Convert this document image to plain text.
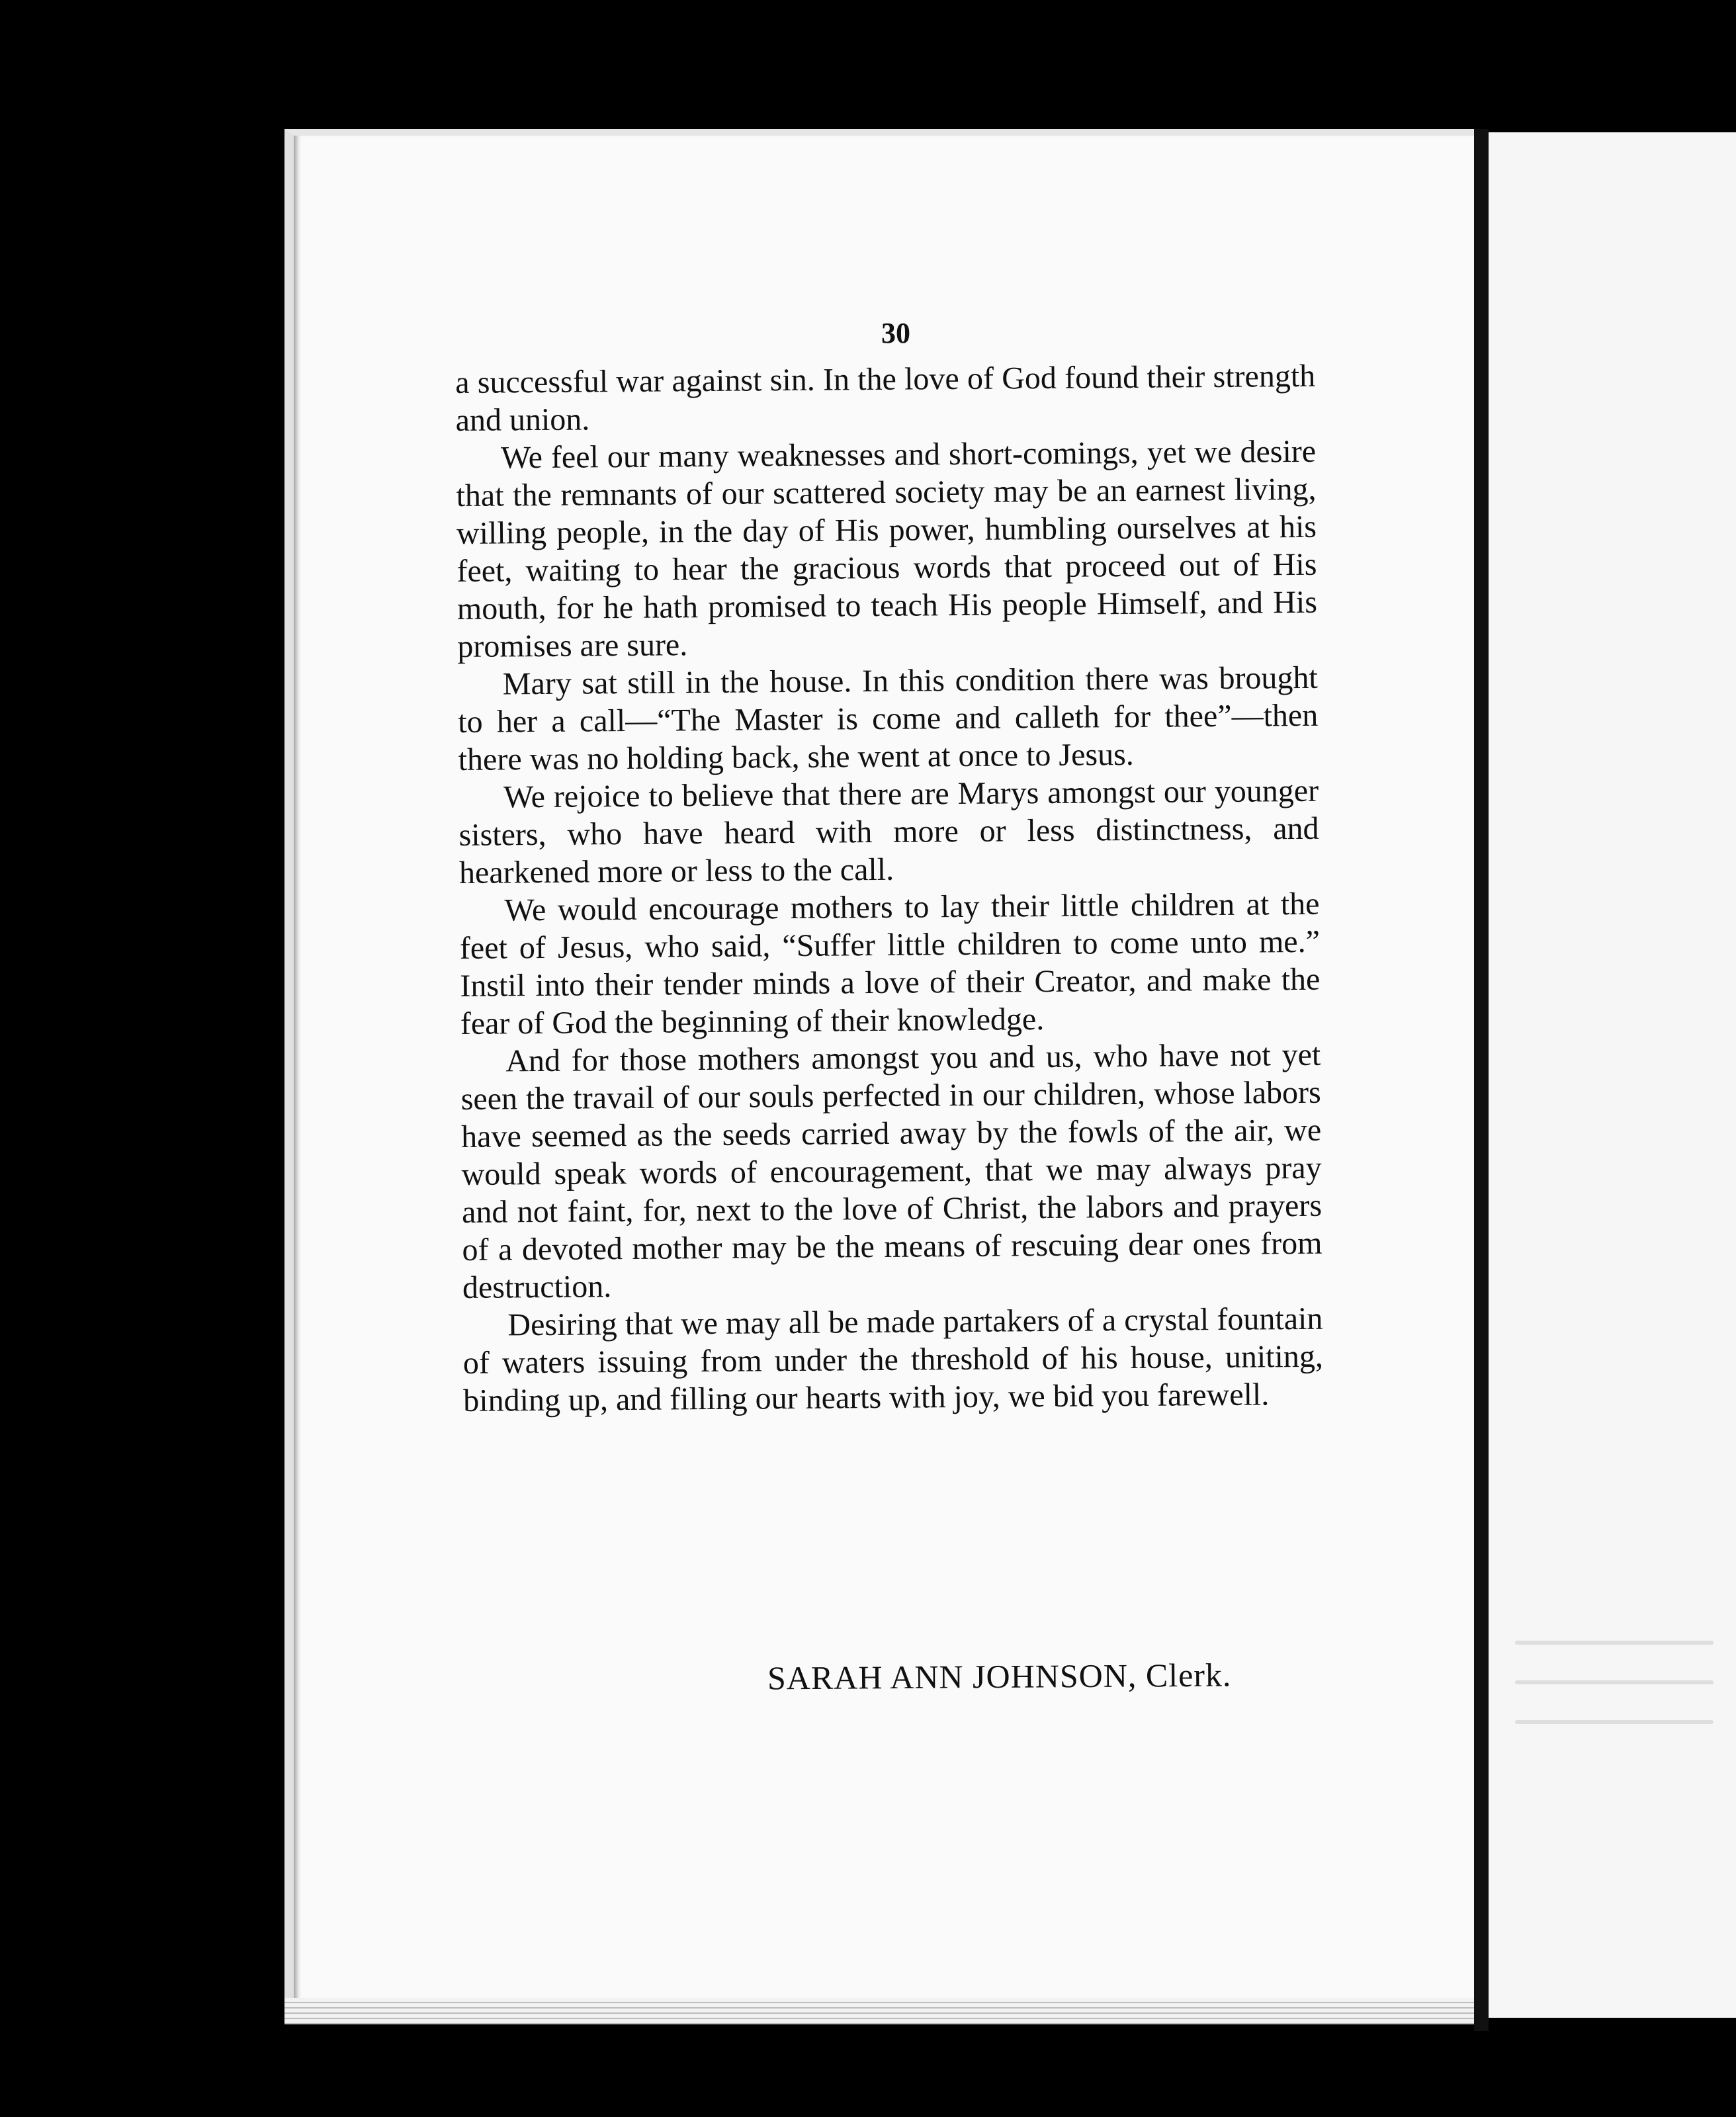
30

a successful war against sin. In the love of God found their strength and union.

We feel our many weaknesses and short-comings, yet we desire that the remnants of our scattered society may be an earnest living, willing people, in the day of His power, humbling ourselves at his feet, waiting to hear the gracious words that proceed out of His mouth, for he hath promised to teach His people Himself, and His promises are sure.

Mary sat still in the house. In this condition there was brought to her a call—“The Master is come and calleth for thee”—then there was no holding back, she went at once to Jesus.

We rejoice to believe that there are Marys amongst our younger sisters, who have heard with more or less distinctness, and hearkened more or less to the call.

We would encourage mothers to lay their little children at the feet of Jesus, who said, “Suffer little children to come unto me.” Instil into their tender minds a love of their Creator, and make the fear of God the beginning of their knowledge.

And for those mothers amongst you and us, who have not yet seen the travail of our souls perfected in our children, whose labors have seemed as the seeds carried away by the fowls of the air, we would speak words of encouragement, that we may always pray and not faint, for, next to the love of Christ, the labors and prayers of a devoted mother may be the means of rescuing dear ones from destruction.

Desiring that we may all be made partakers of a crystal fountain of waters issuing from under the threshold of his house, uniting, binding up, and filling our hearts with joy, we bid you farewell.

SARAH ANN JOHNSON, Clerk.
